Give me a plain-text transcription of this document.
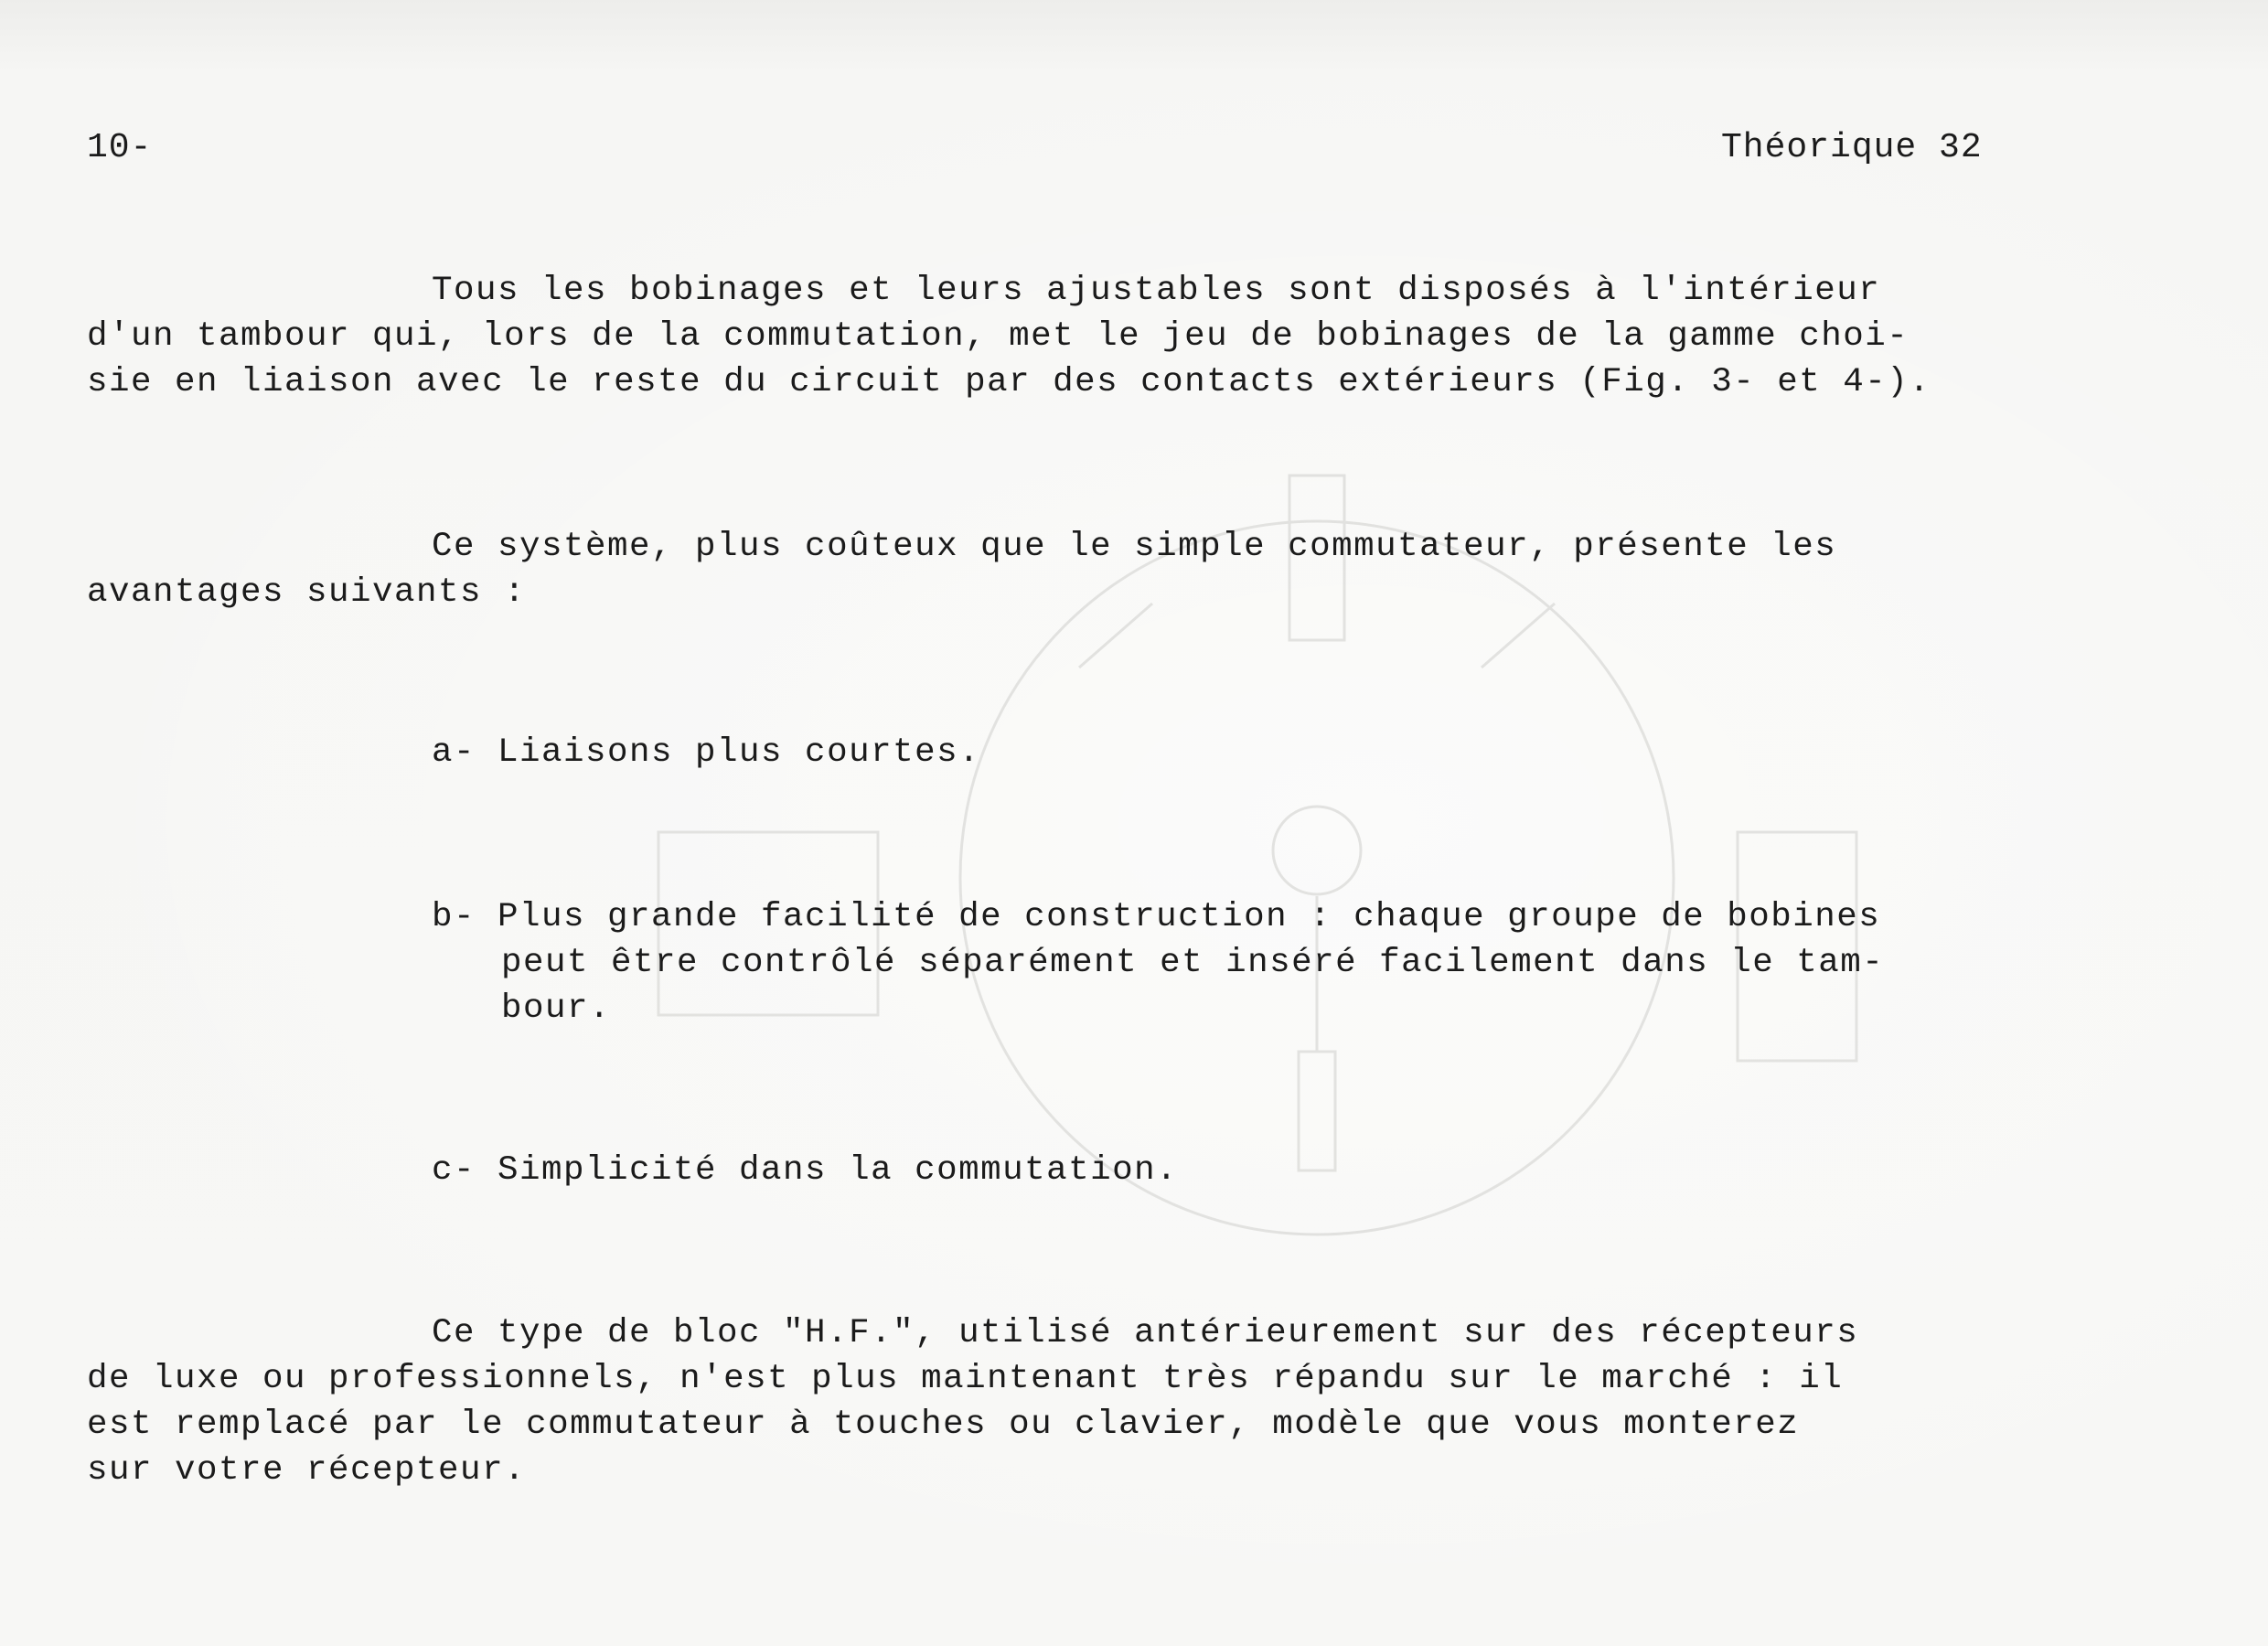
10-	Théorique 32
Tous les bobinages et leurs ajustables sont disposés à l'intérieur
d'un tambour qui, lors de la commutation, met le jeu de bobinages de la gamme choi-
sie en liaison avec le reste du circuit par des contacts extérieurs (Fig. 3- et 4-).
Ce système, plus coûteux que le simple commutateur, présente les
avantages suivants :
a- Liaisons plus courtes.
b- Plus grande facilité de construction : chaque groupe de bobines
peut être contrôlé séparément et inséré facilement dans le tam-
bour.
c- Simplicité dans la commutation.
Ce type de bloc "H.F.", utilisé antérieurement sur des récepteurs
de luxe ou professionnels, n'est plus maintenant très répandu sur le marché : il
est remplacé par le commutateur à touches ou clavier, modèle que vous monterez
sur votre récepteur.
